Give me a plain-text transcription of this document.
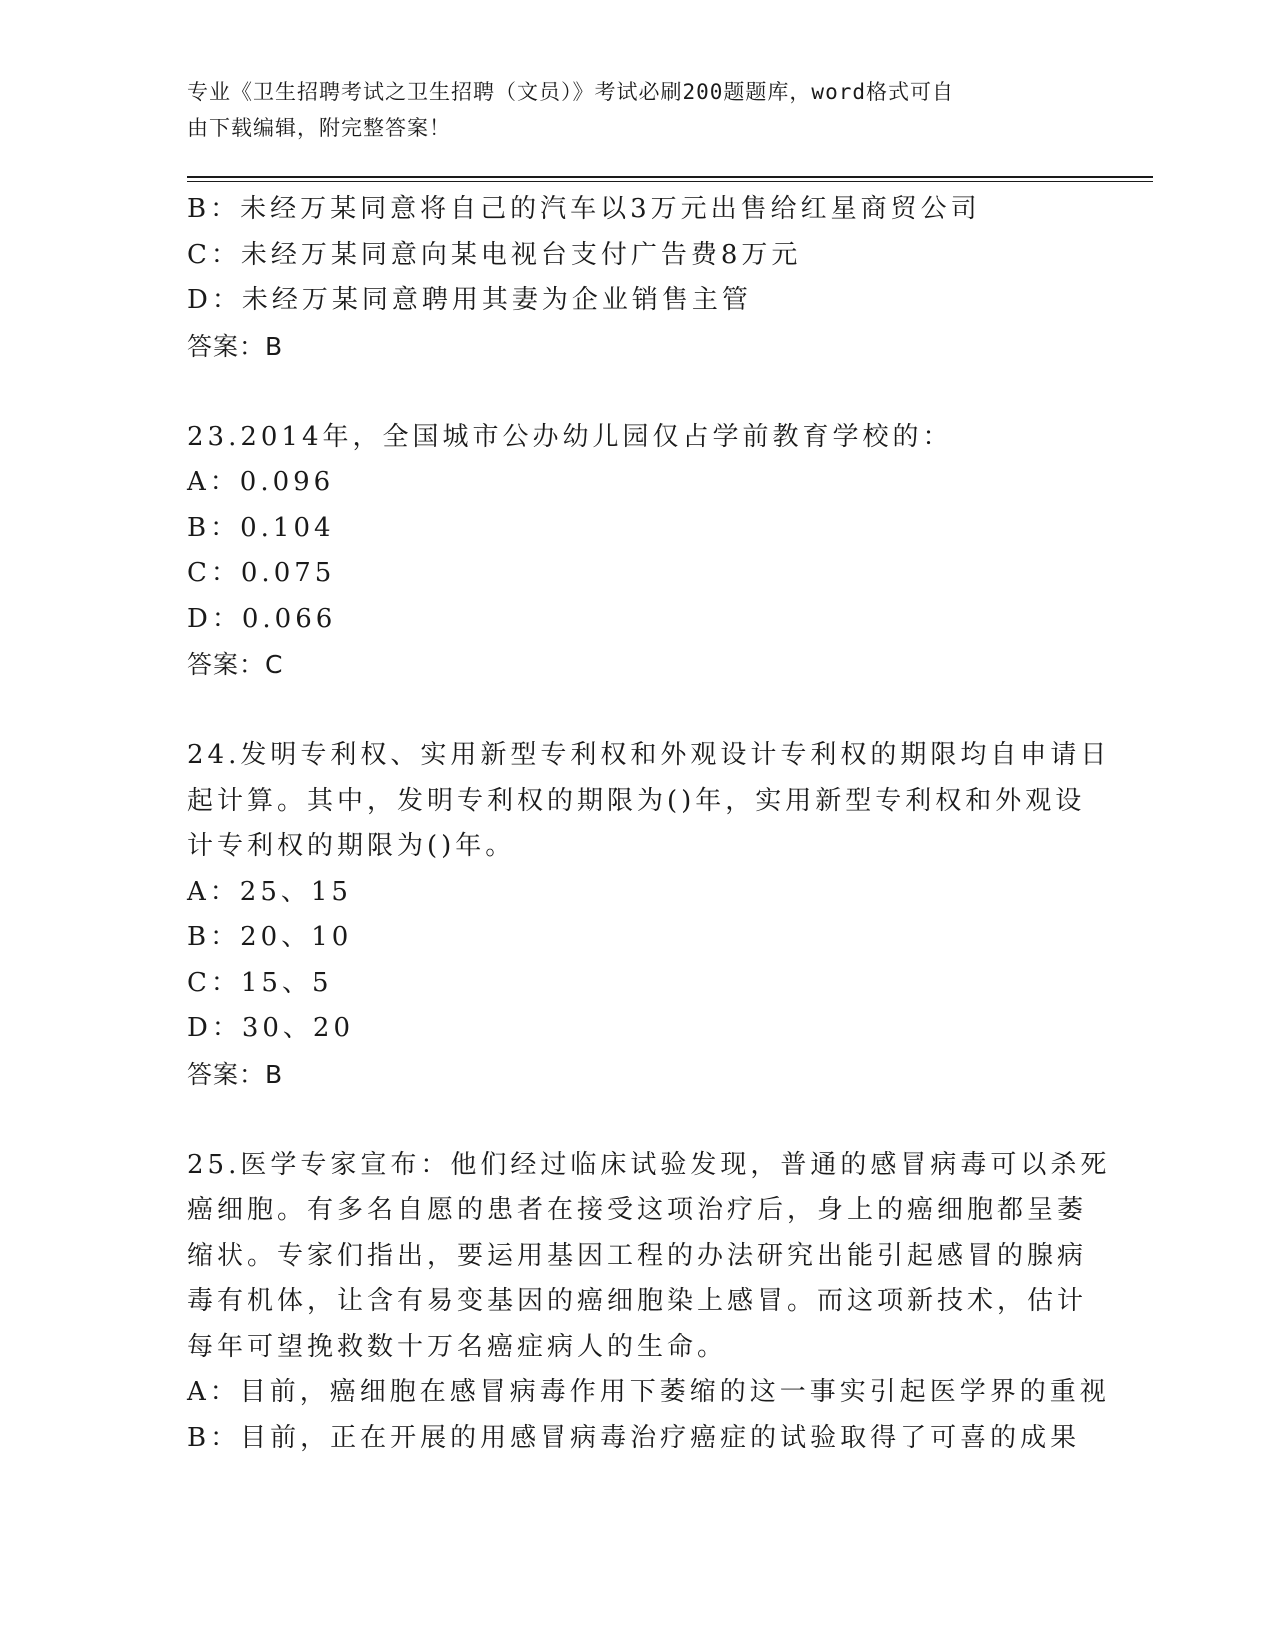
专业《卫生招聘考试之卫生招聘（文员）》考试必刷200题题库，word格式可自
由下载编辑，附完整答案！
B：未经万某同意将自己的汽车以3万元出售给红星商贸公司
C：未经万某同意向某电视台支付广告费8万元
D：未经万某同意聘用其妻为企业销售主管
答案：B
23.2014年，全国城市公办幼儿园仅占学前教育学校的：
A：0.096
B：0.104
C：0.075
D：0.066
答案：C
24.发明专利权、实用新型专利权和外观设计专利权的期限均自申请日
起计算。其中，发明专利权的期限为()年，实用新型专利权和外观设
计专利权的期限为()年。
A：25、15
B：20、10
C：15、5
D：30、20
答案：B
25.医学专家宣布：他们经过临床试验发现，普通的感冒病毒可以杀死
癌细胞。有多名自愿的患者在接受这项治疗后，身上的癌细胞都呈萎
缩状。专家们指出，要运用基因工程的办法研究出能引起感冒的腺病
毒有机体，让含有易变基因的癌细胞染上感冒。而这项新技术，估计
每年可望挽救数十万名癌症病人的生命。
A：目前，癌细胞在感冒病毒作用下萎缩的这一事实引起医学界的重视
B：目前，正在开展的用感冒病毒治疗癌症的试验取得了可喜的成果
